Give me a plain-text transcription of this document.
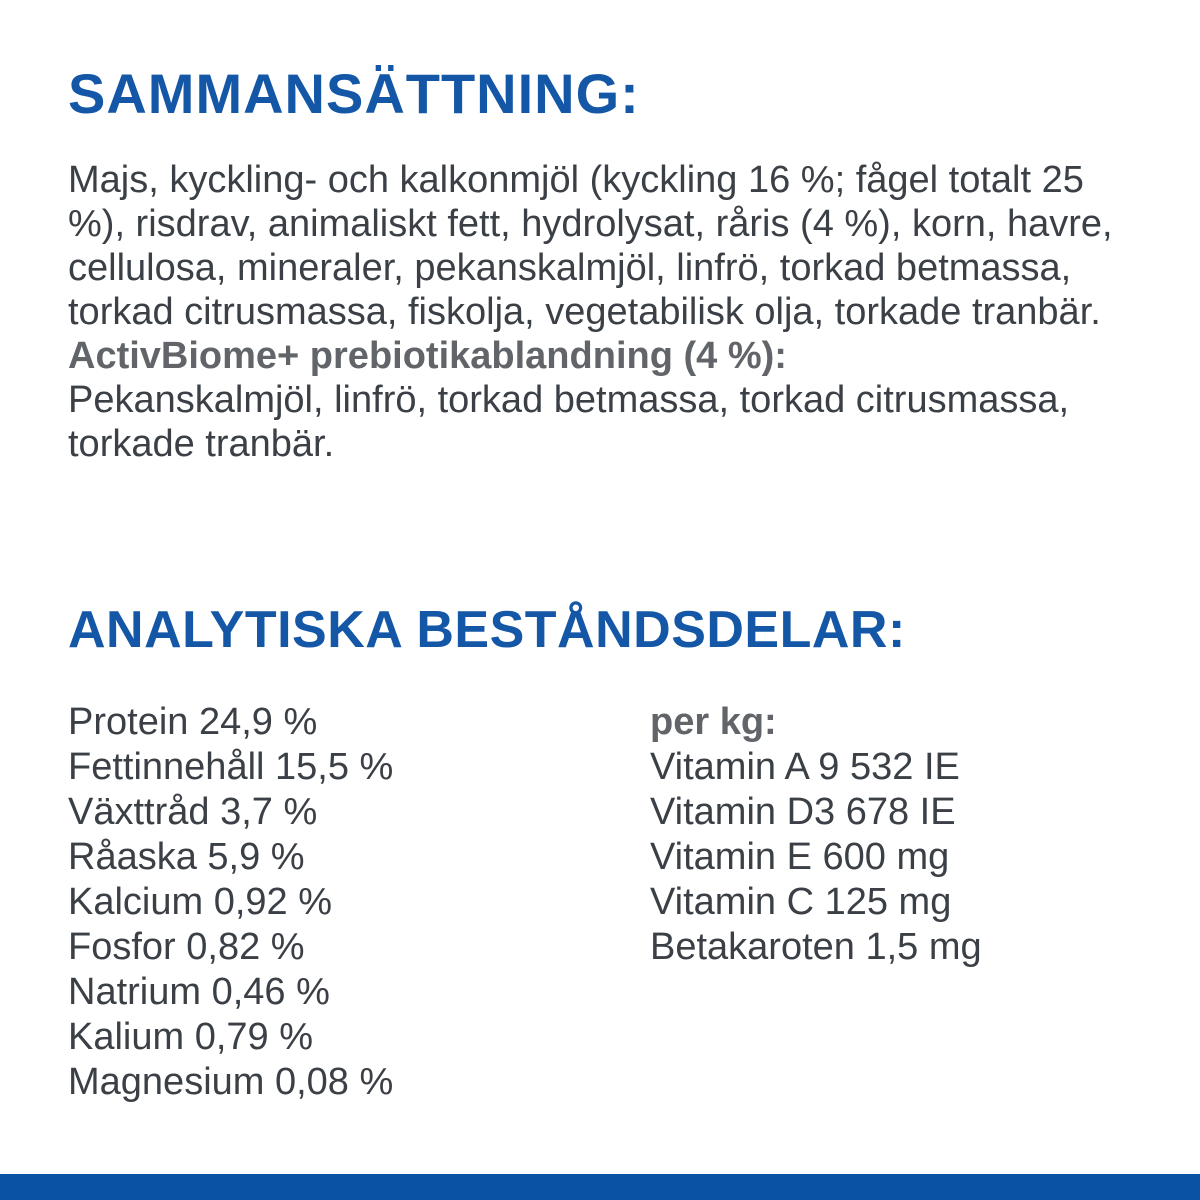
SAMMANSÄTTNING:

Majs, kyckling- och kalkonmjöl (kyckling 16 %; fågel totalt 25 %), risdrav, animaliskt fett, hydrolysat, råris (4 %), korn, havre, cellulosa, mineraler, pekanskalmjöl, linfrö, torkad betmassa, torkad citrusmassa, fiskolja, vegetabilisk olja, torkade tranbär.

ActivBiome+ prebiotikablandning (4 %):

Pekanskalmjöl, linfrö, torkad betmassa, torkad citrusmassa, torkade tranbär.

ANALYTISKA BESTÅNDSDELAR:
Protein 24,9 %
Fettinnehåll 15,5 %
Växttråd 3,7 %
Råaska 5,9 %
Kalcium 0,92 %
Fosfor 0,82 %
Natrium 0,46 %
Kalium 0,79 %
Magnesium 0,08 %
per kg:
Vitamin A 9 532 IE
Vitamin D3 678 IE
Vitamin E 600 mg
Vitamin C 125 mg
Betakaroten 1,5 mg
